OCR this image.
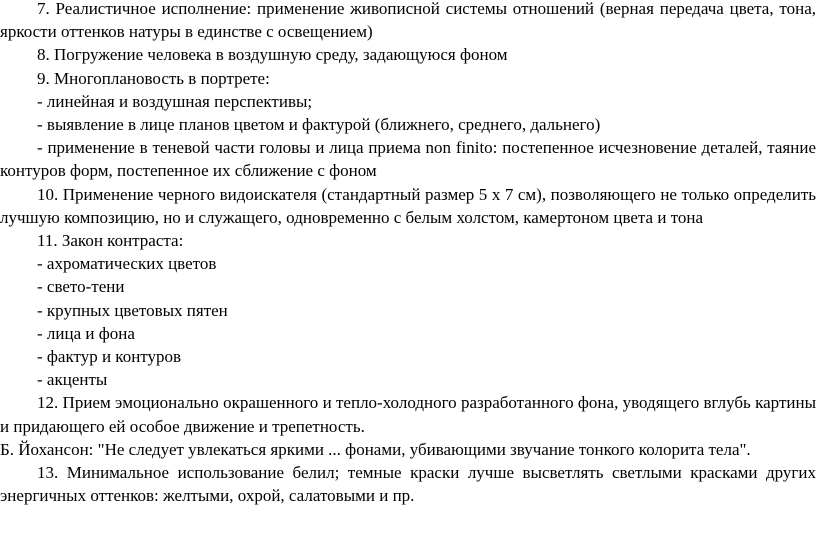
7. Реалистичное исполнение: применение живописной системы отношений (верная передача цвета, тона, яркости оттенков натуры в единстве с освещением)

8. Погружение человека в воздушную среду, задающуюся фоном

9. Многоплановость в портрете:

- линейная и воздушная перспективы;

- выявление в лице планов цветом и фактурой (ближнего, среднего, дальнего)

- применение в теневой части головы и лица приема non finito: постепенное исчезновение деталей, таяние контуров форм, постепенное их сближение с фоном

10. Применение черного видоискателя (стандартный размер 5 x 7 см), позволяющего не только определить лучшую композицию, но и служащего, одновременно с белым холстом, камертоном цвета и тона

11. Закон контраста:

- ахроматических цветов

- свето-тени

- крупных цветовых пятен

- лица и фона

- фактур и контуров

- акценты

12. Прием эмоционально окрашенного и тепло-холодного разработанного фона, уводящего вглубь картины и придающего ей особое движение и трепетность.

Б. Йохансон: "Не следует увлекаться яркими ... фонами, убивающими звучание тонкого колорита тела".

13. Минимальное использование белил; темные краски лучше высветлять светлыми красками других энергичных оттенков: желтыми, охрой, салатовыми и пр.
